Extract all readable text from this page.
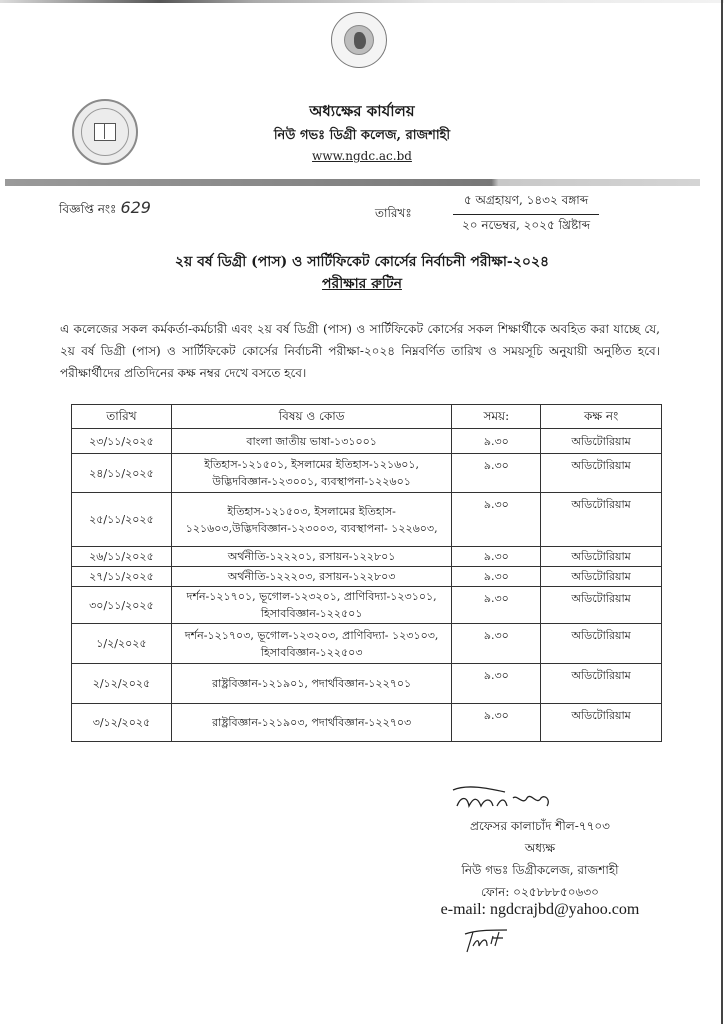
অধ্যক্ষের কার্যালয়
নিউ গভঃ ডিগ্রী কলেজ, রাজশাহী
www.ngdc.ac.bd
বিজ্ঞপ্তি নংঃ 629	তারিখঃ
৫ অগ্রহায়ণ, ১৪৩২ বঙ্গাব্দ
২০ নভেম্বর, ২০২৫ খ্রিষ্টাব্দ
২য় বর্ষ ডিগ্রী (পাস) ও সার্টিফিকেট কোর্সের নির্বাচনী পরীক্ষা-২০২৪
পরীক্ষার রুটিন
এ কলেজের সকল কর্মকর্তা-কর্মচারী এবং ২য় বর্ষ ডিগ্রী (পাস) ও সার্টিফিকেট কোর্সের সকল শিক্ষার্থীকে অবহিত করা যাচ্ছে যে, ২য় বর্ষ ডিগ্রী (পাস) ও সার্টিফিকেট কোর্সের নির্বাচনী পরীক্ষা-২০২৪ নিম্নবর্ণিত তারিখ ও সময়সূচি অনুযায়ী অনুষ্ঠিত হবে। পরীক্ষার্থীদের প্রতিদিনের কক্ষ নম্বর দেখে বসতে হবে।
তারিখ	বিষয় ও কোড	সময়:	কক্ষ নং
২৩/১১/২০২৫	বাংলা জাতীয় ভাষা-১৩১০০১	৯.৩০	অডিটোরিয়াম
২৪/১১/২০২৫	ইতিহাস-১২১৫০১, ইসলামের ইতিহাস-১২১৬০১, উদ্ভিদবিজ্ঞান-১২৩০০১, ব্যবস্থাপনা-১২২৬০১	৯.৩০	অডিটোরিয়াম
২৫/১১/২০২৫	ইতিহাস-১২১৫০৩, ইসলামের ইতিহাস- ১২১৬০৩,উদ্ভিদবিজ্ঞান-১২৩০০৩, ব্যবস্থাপনা- ১২২৬০৩,	৯.৩০	অডিটোরিয়াম
২৬/১১/২০২৫	অর্থনীতি-১২২২০১, রসায়ন-১২২৮০১	৯.৩০	অডিটোরিয়াম
২৭/১১/২০২৫	অর্থনীতি-১২২২০৩, রসায়ন-১২২৮০৩	৯.৩০	অডিটোরিয়াম
৩০/১১/২০২৫	দর্শন-১২১৭০১, ভূগোল-১২৩২০১, প্রাণিবিদ্যা-১২৩১০১, হিসাববিজ্ঞান-১২২৫০১	৯.৩০	অডিটোরিয়াম
১/২/২০২৫	দর্শন-১২১৭০৩, ভূগোল-১২৩২০৩, প্রাণিবিদ্যা- ১২৩১০৩, হিসাববিজ্ঞান-১২২৫০৩	৯.৩০	অডিটোরিয়াম
২/১২/২০২৫	রাষ্ট্রবিজ্ঞান-১২১৯০১, পদার্থবিজ্ঞান-১২২৭০১	৯.৩০	অডিটোরিয়াম
৩/১২/২০২৫	রাষ্ট্রবিজ্ঞান-১২১৯০৩, পদার্থবিজ্ঞান-১২২৭০৩	৯.৩০	অডিটোরিয়াম
প্রফেসর কালাচাঁদ শীল-৭৭০৩
অধ্যক্ষ
নিউ গভঃ ডিগ্রীকলেজ, রাজশাহী
ফোন: ০২৫৮৮৮৫০৬৩০
e-mail: ngdcrajbd@yahoo.com
